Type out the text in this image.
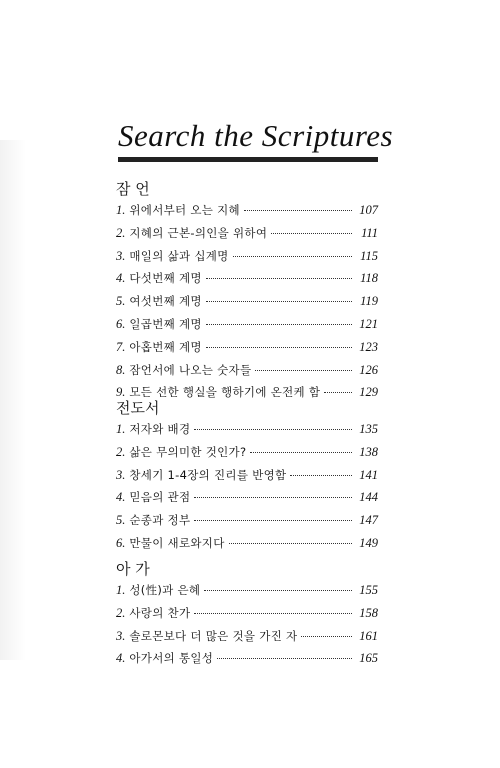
Search the Scriptures
잠 언
1. 위에서부터 오는 지혜	107
2. 지혜의 근본-의인을 위하여	111
3. 매일의 삶과 십계명	115
4. 다섯번째 계명	118
5. 여섯번째 계명	119
6. 일곱번째 계명	121
7. 아홉번째 계명	123
8. 잠언서에 나오는 숫자들	126
9. 모든 선한 행실을 행하기에 온전케 함	129
전도서
1. 저자와 배경	135
2. 삶은 무의미한 것인가?	138
3. 창세기 1-4장의 진리를 반영함	141
4. 믿음의 관점	144
5. 순종과 정부	147
6. 만물이 새로와지다	149
아 가
1. 성(性)과 은혜	155
2. 사랑의 찬가	158
3. 솔로몬보다 더 많은 것을 가진 자	161
4. 아가서의 통일성	165
